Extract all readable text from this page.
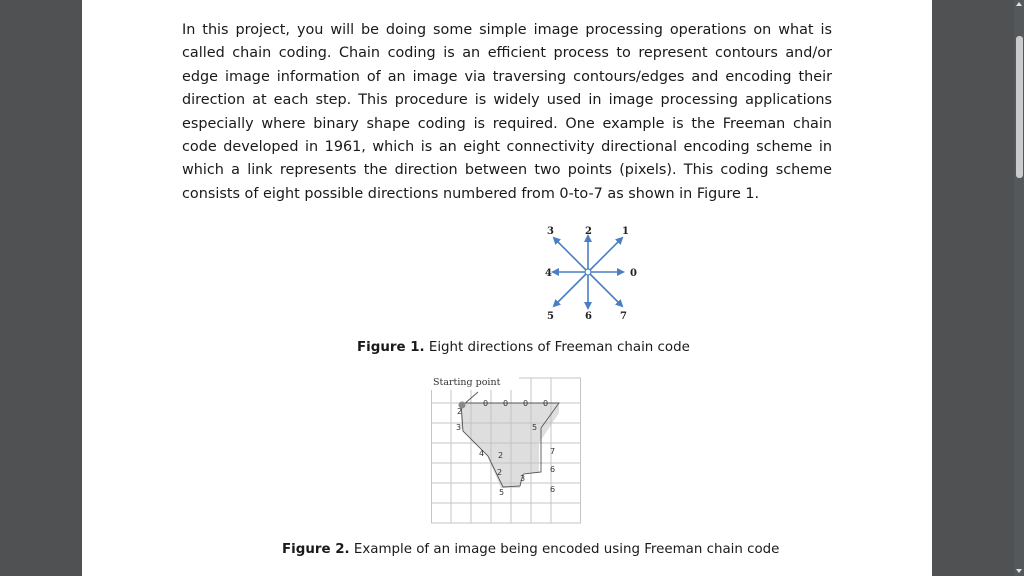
In this project, you will be doing some simple image processing operations on what is called chain coding. Chain coding is an efficient process to represent contours and/or edge image information of an image via traversing contours/edges and encoding their direction at each step. This procedure is widely used in image processing applications especially where binary shape coding is required. One example is the Freeman chain code developed in 1961, which is an eight connectivity directional encoding scheme in which a link represents the direction between two points (pixels). This coding scheme consists of eight possible directions numbered from 0-to-7 as shown in Figure 1.

0
1
2
3
4
5	6	7
Figure 1. Eight directions of Freeman chain code
Starting point
0 0 0 0
2
3
4 2
2
5
3
5
6
6
7
Figure 2. Example of an image being encoded using Freeman chain code
